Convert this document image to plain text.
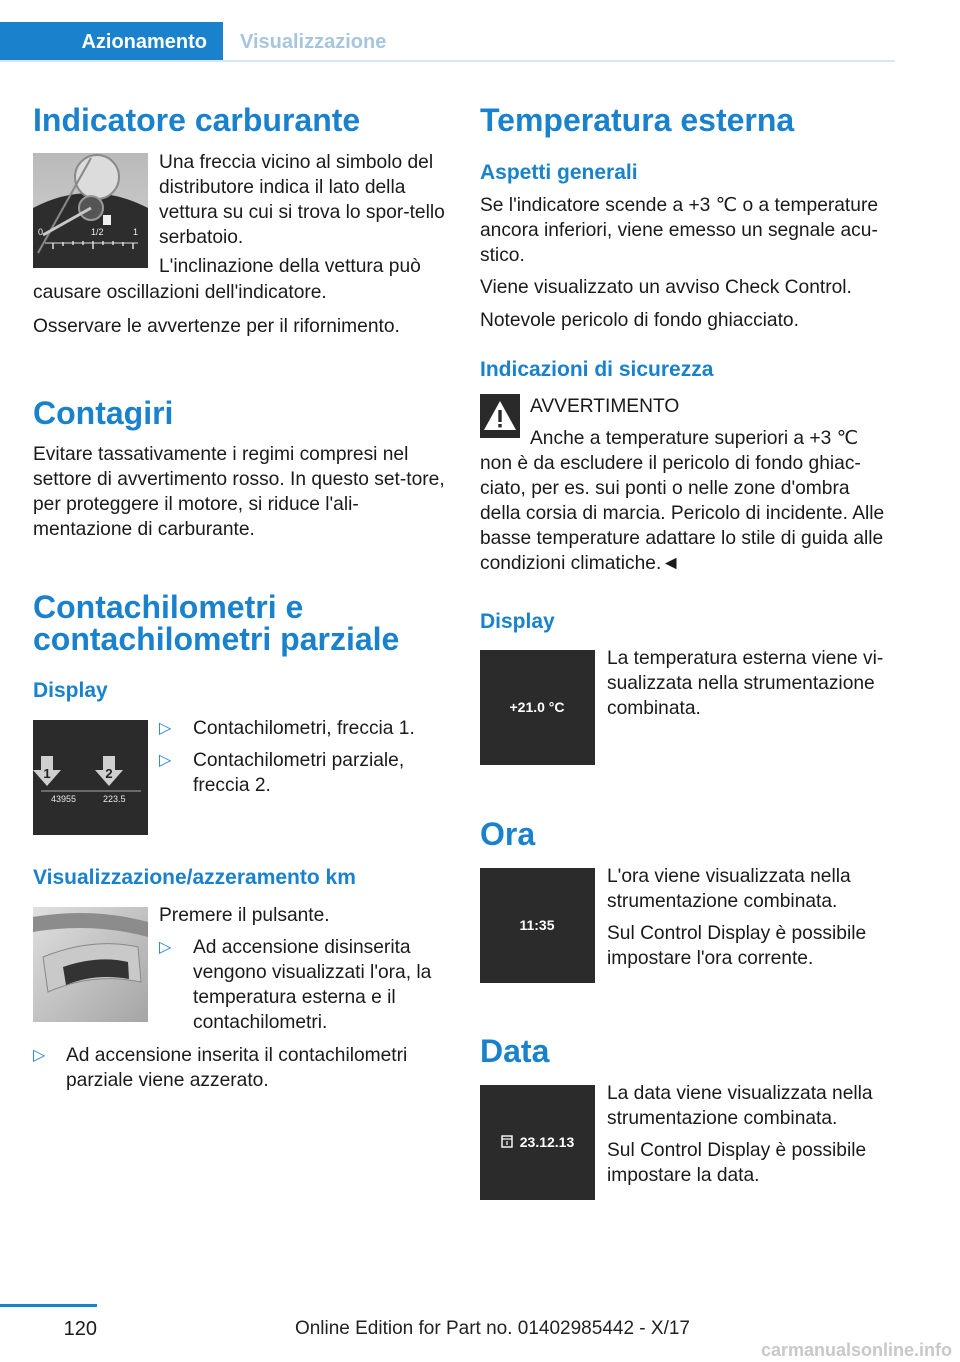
Azionamento	Visualizzazione
Indicatore carburante
0	1/2	1

Una freccia vicino al simbolo del distributore indica il lato della vettura su cui si trova lo spor-tello serbatoio.

L'inclinazione della vettura può

causare oscillazioni dell'indicatore.

Osservare le avvertenze per il rifornimento.

Contagiri

Evitare tassativamente i regimi compresi nel settore di avvertimento rosso. In questo set-tore, per proteggere il motore, si riduce l'ali-mentazione di carburante.

Contachilometri e contachilometri parziale
Display
1	2
43955	223.5
▷ Contachilometri, freccia 1.

▷ Contachilometri parziale, freccia 2.

Visualizzazione/azzeramento km

Premere il pulsante.

▷ Ad accensione disinserita vengono visualizzati l'ora, la temperatura esterna e il contachilometri.

▷ Ad accensione inserita il contachilometri parziale viene azzerato.

Temperatura esterna
Aspetti generali

Se l'indicatore scende a +3 ℃ o a temperature ancora inferiori, viene emesso un segnale acu-stico.

Viene visualizzato un avviso Check Control.

Notevole pericolo di fondo ghiacciato.

Indicazioni di sicurezza

AVVERTIMENTO

Anche a temperature superiori a +3 ℃

non è da escludere il pericolo di fondo ghiac-ciato, per es. sui ponti o nelle zone d'ombra della corsia di marcia. Pericolo di incidente. Alle basse temperature adattare lo stile di guida alle condizioni climatiche.◄

Display
+21.0 °C

La temperatura esterna viene vi-sualizzata nella strumentazione combinata.

Ora
11:35

L'ora viene visualizzata nella strumentazione combinata.

Sul Control Display è possibile impostare l'ora corrente.

Data
23.12.13

La data viene visualizzata nella strumentazione combinata.

Sul Control Display è possibile impostare la data.

120	Online Edition for Part no. 01402985442 - X/17
carmanualsonline.info
